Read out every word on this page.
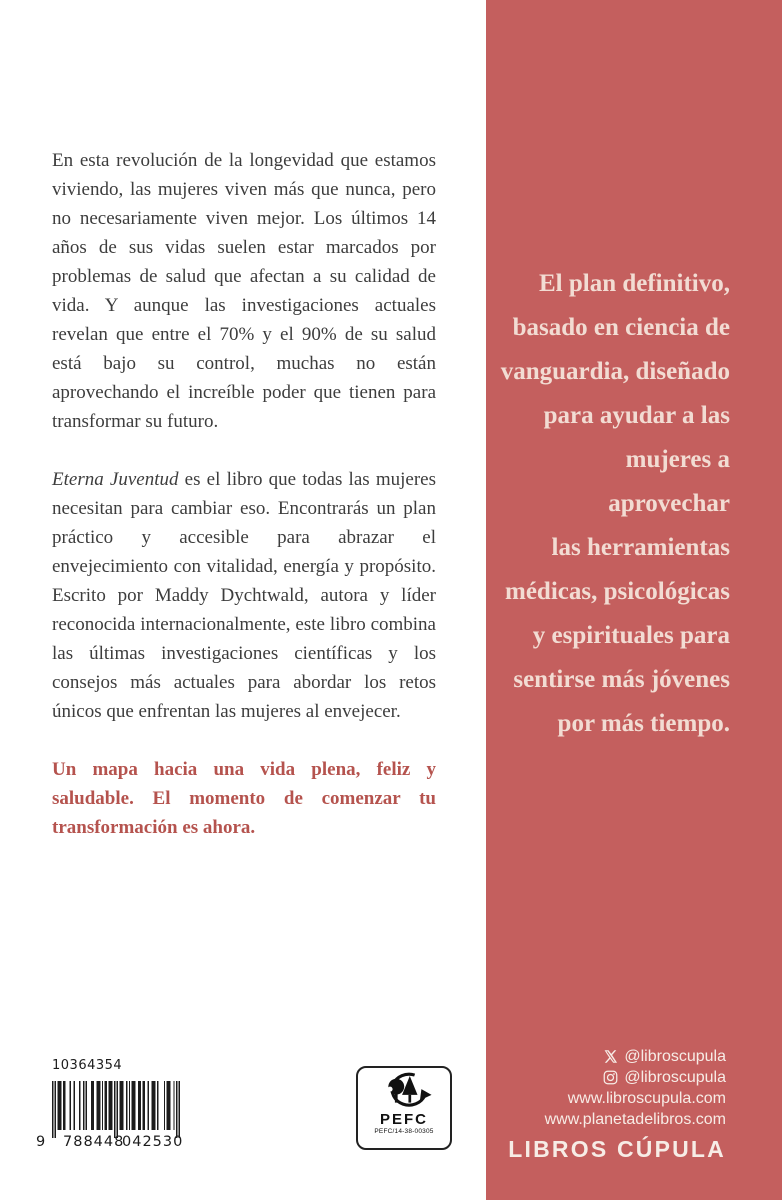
En esta revolución de la longevidad que estamos viviendo, las mujeres viven más que nunca, pero no necesariamente viven mejor. Los últimos 14 años de sus vidas suelen estar marcados por problemas de salud que afectan a su calidad de vida. Y aunque las investigaciones actuales revelan que entre el 70% y el 90% de su salud está bajo su control, muchas no están aprovechando el increíble poder que tienen para transformar su futuro.

Eterna Juventud es el libro que todas las mujeres necesitan para cambiar eso. Encontrarás un plan práctico y accesible para abrazar el envejecimiento con vitalidad, energía y propósito. Escrito por Maddy Dychtwald, autora y líder reconocida internacionalmente, este libro combina las últimas investigaciones científicas y los consejos más actuales para abordar los retos únicos que enfrentan las mujeres al envejecer.

Un mapa hacia una vida plena, feliz y saludable. El momento de comenzar tu transformación es ahora.

El plan definitivo,
basado en ciencia de
vanguardia, diseñado
para ayudar a las
mujeres a aprovechar
las herramientas
médicas, psicológicas
y espirituales para
sentirse más jóvenes
por más tiempo.
@libroscupula
@libroscupula
www.libroscupula.com
www.planetadelibros.com
LIBROS CÚPULA
10364354
9 788448
042530
PEFC
PEFC/14-38-00305
